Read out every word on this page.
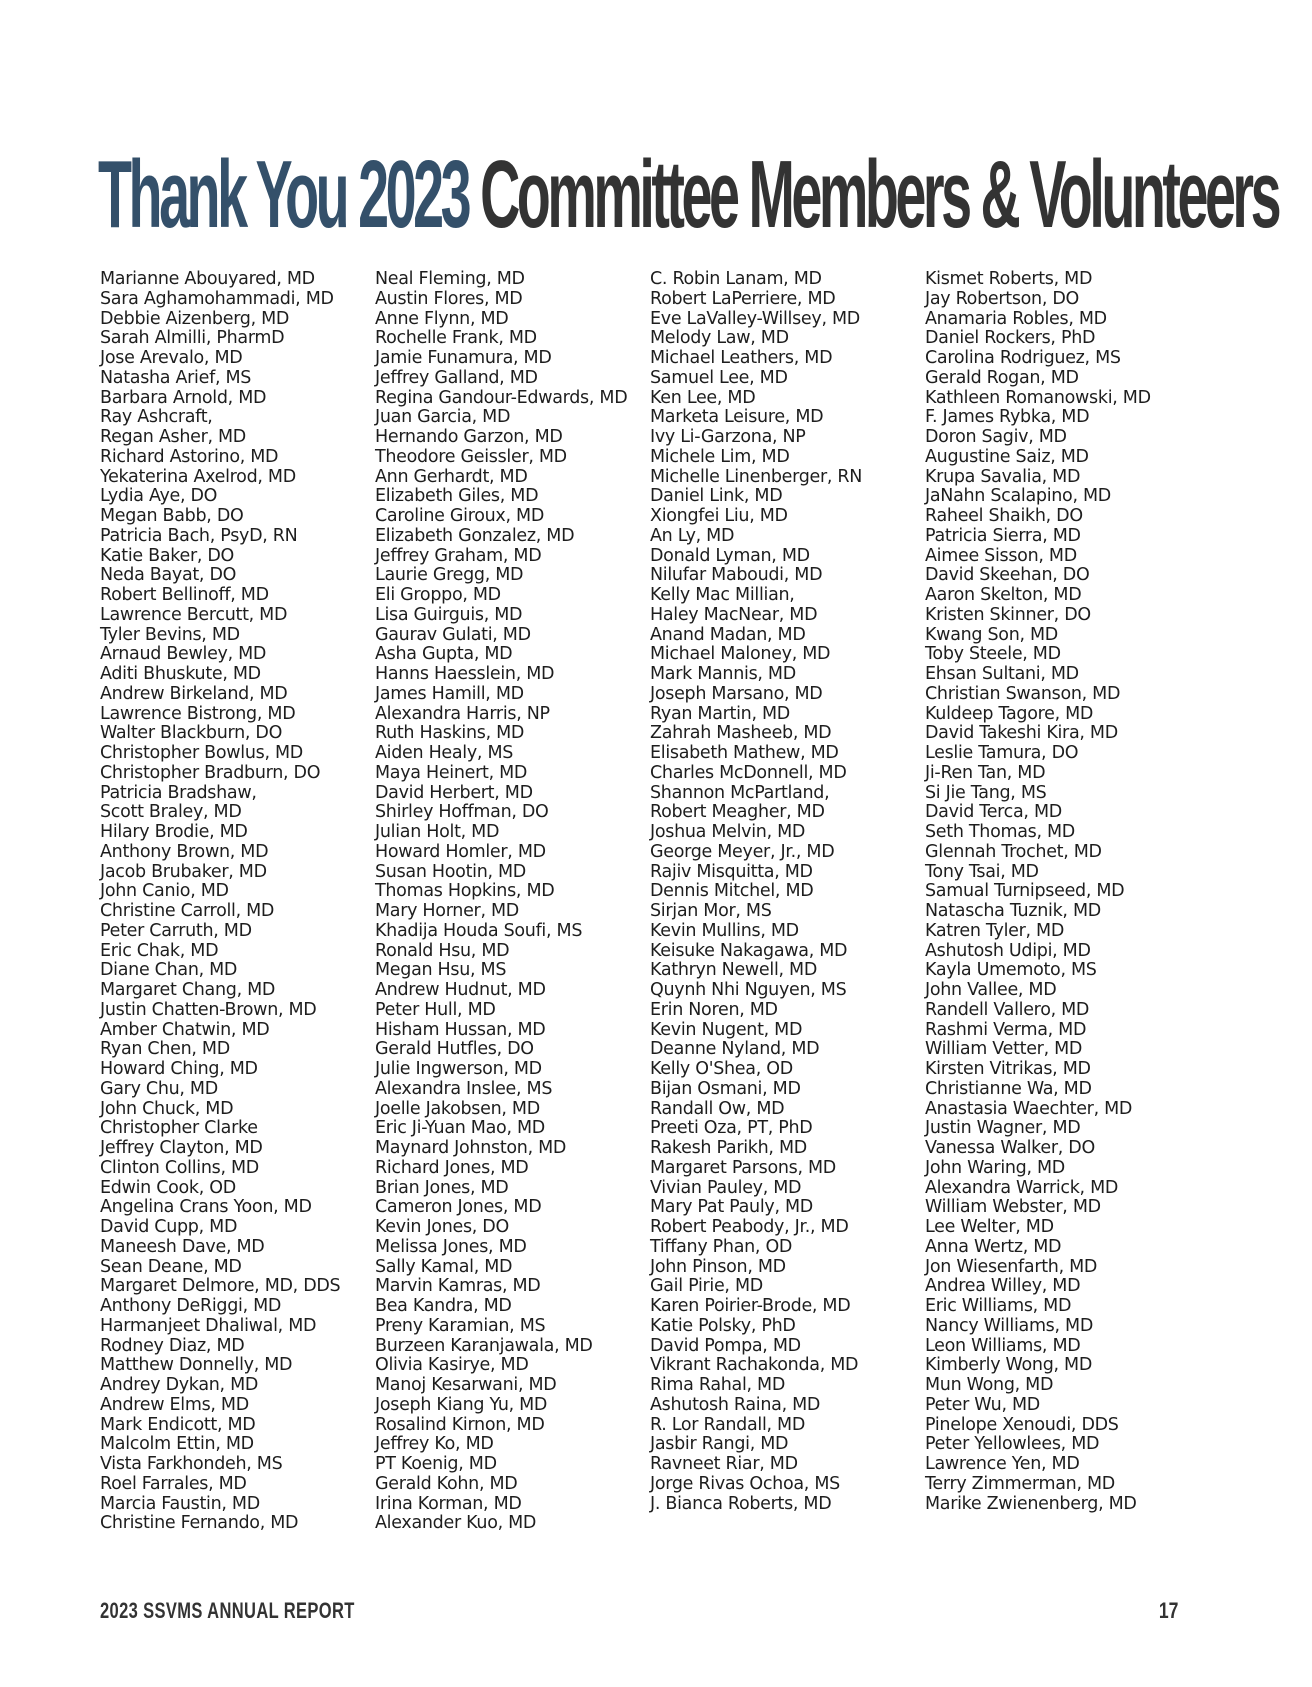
Thank You 2023 Committee Members & Volunteers
Marianne Abouyared, MD
Sara Aghamohammadi, MD
Debbie Aizenberg, MD
Sarah Almilli, PharmD
Jose Arevalo, MD
Natasha Arief, MS
Barbara Arnold, MD
Ray Ashcraft,
Regan Asher, MD
Richard Astorino, MD
Yekaterina Axelrod, MD
Lydia Aye, DO
Megan Babb, DO
Patricia Bach, PsyD, RN
Katie Baker, DO
Neda Bayat, DO
Robert Bellinoff, MD
Lawrence Bercutt, MD
Tyler Bevins, MD
Arnaud Bewley, MD
Aditi Bhuskute, MD
Andrew Birkeland, MD
Lawrence Bistrong, MD
Walter Blackburn, DO
Christopher Bowlus, MD
Christopher Bradburn, DO
Patricia Bradshaw,
Scott Braley, MD
Hilary Brodie, MD
Anthony Brown, MD
Jacob Brubaker, MD
John Canio, MD
Christine Carroll, MD
Peter Carruth, MD
Eric Chak, MD
Diane Chan, MD
Margaret Chang, MD
Justin Chatten-Brown, MD
Amber Chatwin, MD
Ryan Chen, MD
Howard Ching, MD
Gary Chu, MD
John Chuck, MD
Christopher Clarke
Jeffrey Clayton, MD
Clinton Collins, MD
Edwin Cook, OD
Angelina Crans Yoon, MD
David Cupp, MD
Maneesh Dave, MD
Sean Deane, MD
Margaret Delmore, MD, DDS
Anthony DeRiggi, MD
Harmanjeet Dhaliwal, MD
Rodney Diaz, MD
Matthew Donnelly, MD
Andrey Dykan, MD
Andrew Elms, MD
Mark Endicott, MD
Malcolm Ettin, MD
Vista Farkhondeh, MS
Roel Farrales, MD
Marcia Faustin, MD
Christine Fernando, MD
Neal Fleming, MD
Austin Flores, MD
Anne Flynn, MD
Rochelle Frank, MD
Jamie Funamura, MD
Jeffrey Galland, MD
Regina Gandour-Edwards, MD
Juan Garcia, MD
Hernando Garzon, MD
Theodore Geissler, MD
Ann Gerhardt, MD
Elizabeth Giles, MD
Caroline Giroux, MD
Elizabeth Gonzalez, MD
Jeffrey Graham, MD
Laurie Gregg, MD
Eli Groppo, MD
Lisa Guirguis, MD
Gaurav Gulati, MD
Asha Gupta, MD
Hanns Haesslein, MD
James Hamill, MD
Alexandra Harris, NP
Ruth Haskins, MD
Aiden Healy, MS
Maya Heinert, MD
David Herbert, MD
Shirley Hoffman, DO
Julian Holt, MD
Howard Homler, MD
Susan Hootin, MD
Thomas Hopkins, MD
Mary Horner, MD
Khadija Houda Soufi, MS
Ronald Hsu, MD
Megan Hsu, MS
Andrew Hudnut, MD
Peter Hull, MD
Hisham Hussan, MD
Gerald Hutfles, DO
Julie Ingwerson, MD
Alexandra Inslee, MS
Joelle Jakobsen, MD
Eric Ji-Yuan Mao, MD
Maynard Johnston, MD
Richard Jones, MD
Brian Jones, MD
Cameron Jones, MD
Kevin Jones, DO
Melissa Jones, MD
Sally Kamal, MD
Marvin Kamras, MD
Bea Kandra, MD
Preny Karamian, MS
Burzeen Karanjawala, MD
Olivia Kasirye, MD
Manoj Kesarwani, MD
Joseph Kiang Yu, MD
Rosalind Kirnon, MD
Jeffrey Ko, MD
PT Koenig, MD
Gerald Kohn, MD
Irina Korman, MD
Alexander Kuo, MD
C. Robin Lanam, MD
Robert LaPerriere, MD
Eve LaValley-Willsey, MD
Melody Law, MD
Michael Leathers, MD
Samuel Lee, MD
Ken Lee, MD
Marketa Leisure, MD
Ivy Li-Garzona, NP
Michele Lim, MD
Michelle Linenberger, RN
Daniel Link, MD
Xiongfei Liu, MD
An Ly, MD
Donald Lyman, MD
Nilufar Maboudi, MD
Kelly Mac Millian,
Haley MacNear, MD
Anand Madan, MD
Michael Maloney, MD
Mark Mannis, MD
Joseph Marsano, MD
Ryan Martin, MD
Zahrah Masheeb, MD
Elisabeth Mathew, MD
Charles McDonnell, MD
Shannon McPartland,
Robert Meagher, MD
Joshua Melvin, MD
George Meyer, Jr., MD
Rajiv Misquitta, MD
Dennis Mitchel, MD
Sirjan Mor, MS
Kevin Mullins, MD
Keisuke Nakagawa, MD
Kathryn Newell, MD
Quynh Nhi Nguyen, MS
Erin Noren, MD
Kevin Nugent, MD
Deanne Nyland, MD
Kelly O'Shea, OD
Bijan Osmani, MD
Randall Ow, MD
Preeti Oza, PT, PhD
Rakesh Parikh, MD
Margaret Parsons, MD
Vivian Pauley, MD
Mary Pat Pauly, MD
Robert Peabody, Jr., MD
Tiffany Phan, OD
John Pinson, MD
Gail Pirie, MD
Karen Poirier-Brode, MD
Katie Polsky, PhD
David Pompa, MD
Vikrant Rachakonda, MD
Rima Rahal, MD
Ashutosh Raina, MD
R. Lor Randall, MD
Jasbir Rangi, MD
Ravneet Riar, MD
Jorge Rivas Ochoa, MS
J. Bianca Roberts, MD
Kismet Roberts, MD
Jay Robertson, DO
Anamaria Robles, MD
Daniel Rockers, PhD
Carolina Rodriguez, MS
Gerald Rogan, MD
Kathleen Romanowski, MD
F. James Rybka, MD
Doron Sagiv, MD
Augustine Saiz, MD
Krupa Savalia, MD
JaNahn Scalapino, MD
Raheel Shaikh, DO
Patricia Sierra, MD
Aimee Sisson, MD
David Skeehan, DO
Aaron Skelton, MD
Kristen Skinner, DO
Kwang Son, MD
Toby Steele, MD
Ehsan Sultani, MD
Christian Swanson, MD
Kuldeep Tagore, MD
David Takeshi Kira, MD
Leslie Tamura, DO
Ji-Ren Tan, MD
Si Jie Tang, MS
David Terca, MD
Seth Thomas, MD
Glennah Trochet, MD
Tony Tsai, MD
Samual Turnipseed, MD
Natascha Tuznik, MD
Katren Tyler, MD
Ashutosh Udipi, MD
Kayla Umemoto, MS
John Vallee, MD
Randell Vallero, MD
Rashmi Verma, MD
William Vetter, MD
Kirsten Vitrikas, MD
Christianne Wa, MD
Anastasia Waechter, MD
Justin Wagner, MD
Vanessa Walker, DO
John Waring, MD
Alexandra Warrick, MD
William Webster, MD
Lee Welter, MD
Anna Wertz, MD
Jon Wiesenfarth, MD
Andrea Willey, MD
Eric Williams, MD
Nancy Williams, MD
Leon Williams, MD
Kimberly Wong, MD
Mun Wong, MD
Peter Wu, MD
Pinelope Xenoudi, DDS
Peter Yellowlees, MD
Lawrence Yen, MD
Terry Zimmerman, MD
Marike Zwienenberg, MD
2023 SSVMS ANNUAL REPORT	17
